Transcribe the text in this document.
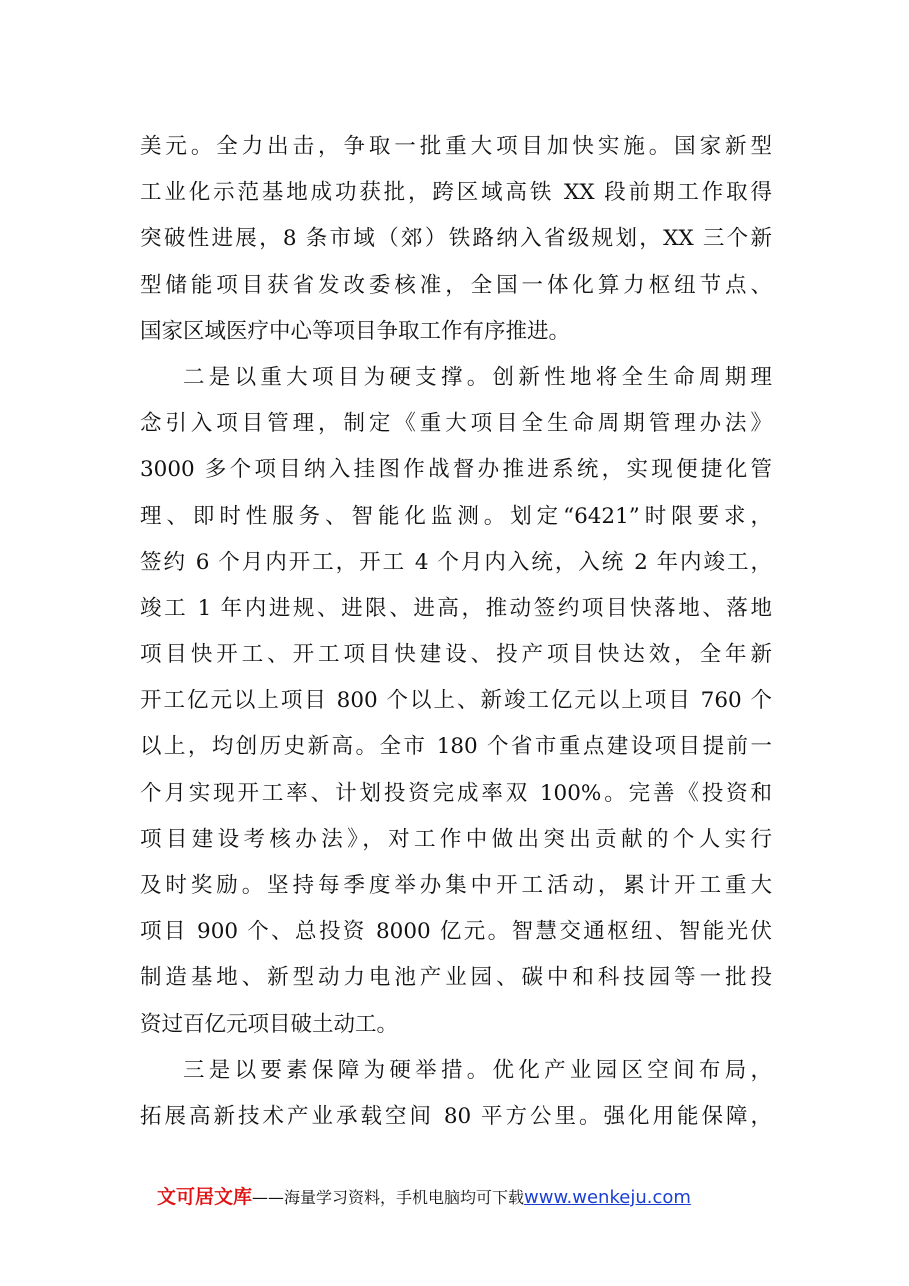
美元。全力出击，争取一批重大项目加快实施。国家新型
工业化示范基地成功获批，跨区域高铁 XX 段前期工作取得
突破性进展，8 条市域（郊）铁路纳入省级规划，XX 三个新
型储能项目获省发改委核准，全国一体化算力枢纽节点、
国家区域医疗中心等项目争取工作有序推进。
二是以重大项目为硬支撑。创新性地将全生命周期理
念引入项目管理，制定《重大项目全生命周期管理办法》
3000 多个项目纳入挂图作战督办推进系统，实现便捷化管
理、即时性服务、智能化监测。划定“6421”时限要求，
签约 6 个月内开工，开工 4 个月内入统，入统 2 年内竣工，
竣工 1 年内进规、进限、进高，推动签约项目快落地、落地
项目快开工、开工项目快建设、投产项目快达效，全年新
开工亿元以上项目 800 个以上、新竣工亿元以上项目 760 个
以上，均创历史新高。全市 180 个省市重点建设项目提前一
个月实现开工率、计划投资完成率双 100%。完善《投资和
项目建设考核办法》，对工作中做出突出贡献的个人实行
及时奖励。坚持每季度举办集中开工活动，累计开工重大
项目 900 个、总投资 8000 亿元。智慧交通枢纽、智能光伏
制造基地、新型动力电池产业园、碳中和科技园等一批投
资过百亿元项目破土动工。
三是以要素保障为硬举措。优化产业园区空间布局，
拓展高新技术产业承载空间 80 平方公里。强化用能保障，
文可居文库——海量学习资料，手机电脑均可下载www.wenkeju.com
